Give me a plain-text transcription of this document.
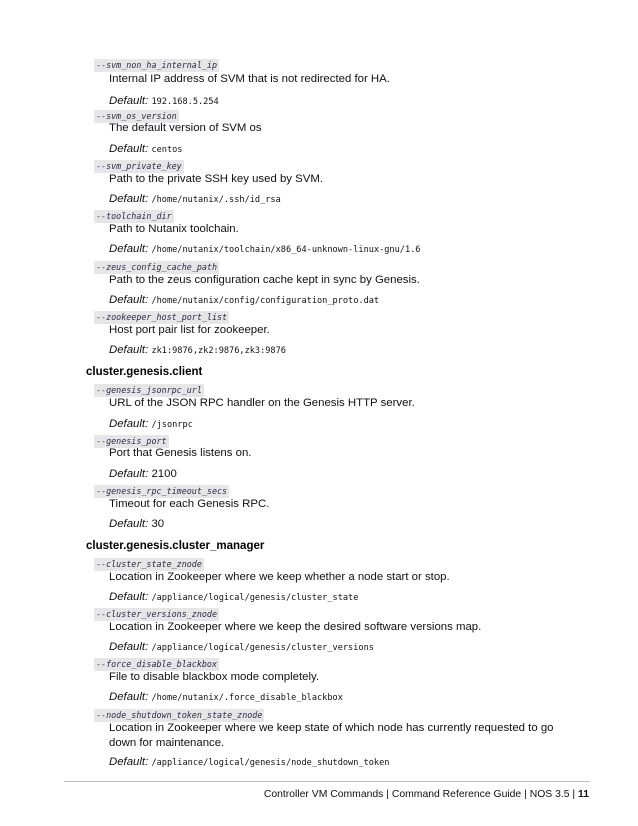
--svm_non_ha_internal_ip
Internal IP address of SVM that is not redirected for HA.
Default: 192.168.5.254
--svm_os_version
The default version of SVM os
Default: centos
--svm_private_key
Path to the private SSH key used by SVM.
Default: /home/nutanix/.ssh/id_rsa
--toolchain_dir
Path to Nutanix toolchain.
Default: /home/nutanix/toolchain/x86_64-unknown-linux-gnu/1.6
--zeus_config_cache_path
Path to the zeus configuration cache kept in sync by Genesis.
Default: /home/nutanix/config/configuration_proto.dat
--zookeeper_host_port_list
Host port pair list for zookeeper.
Default: zk1:9876,zk2:9876,zk3:9876
cluster.genesis.client
--genesis_jsonrpc_url
URL of the JSON RPC handler on the Genesis HTTP server.
Default: /jsonrpc
--genesis_port
Port that Genesis listens on.
Default: 2100
--genesis_rpc_timeout_secs
Timeout for each Genesis RPC.
Default: 30
cluster.genesis.cluster_manager
--cluster_state_znode
Location in Zookeeper where we keep whether a node start or stop.
Default: /appliance/logical/genesis/cluster_state
--cluster_versions_znode
Location in Zookeeper where we keep the desired software versions map.
Default: /appliance/logical/genesis/cluster_versions
--force_disable_blackbox
File to disable blackbox mode completely.
Default: /home/nutanix/.force_disable_blackbox
--node_shutdown_token_state_znode
Location in Zookeeper where we keep state of which node has currently requested to go down for maintenance.
Default: /appliance/logical/genesis/node_shutdown_token
Controller VM Commands | Command Reference Guide | NOS 3.5 | 11
